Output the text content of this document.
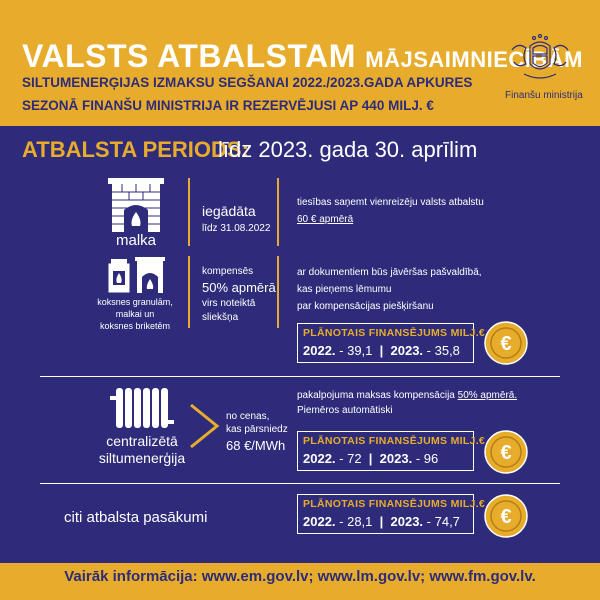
VALSTS ATBALSTAM MĀJSAIMNIECĪBĀM
SILTUMENERĢIJAS IZMAKSU SEGŠANAI 2022./2023.GADA APKURES
SEZONĀ FINANŠU MINISTRIJA IR REZERVĒJUSI AP 440 MILJ. €
Finanšu ministrija
ATBALSTA PERIODS:
līdz 2023. gada 30. aprīlim
malka
iegādāta
līdz 31.08.2022
tiesības saņemt vienreizēju valsts atbalstu
60 € apmērā
koksnes granulām,
malkai un
koksnes briketēm
kompensēs
50% apmērā
virs noteiktā
sliekšņa
ar dokumentiem būs jāvēršas pašvaldībā,
kas pieņems lēmumu
par kompensācijas piešķiršanu
PLĀNOTAIS FINANSĒJUMS MILJ.€
2022. - 39,1 | 2023. - 35,8 €
centralizētā
siltumenerģija
no cenas,
kas pārsniedz
68 €/MWh
pakalpojuma maksas kompensācija 50% apmērā.
Piemēros automātiski
PLĀNOTAIS FINANSĒJUMS MILJ.€
2022. - 72 | 2023. - 96	€
citi atbalsta pasākumi
PLĀNOTAIS FINANSĒJUMS MILJ.€
2022. - 28,1 | 2023. - 74,7 €
Vairāk informācija: www.em.gov.lv; www.lm.gov.lv; www.fm.gov.lv.
